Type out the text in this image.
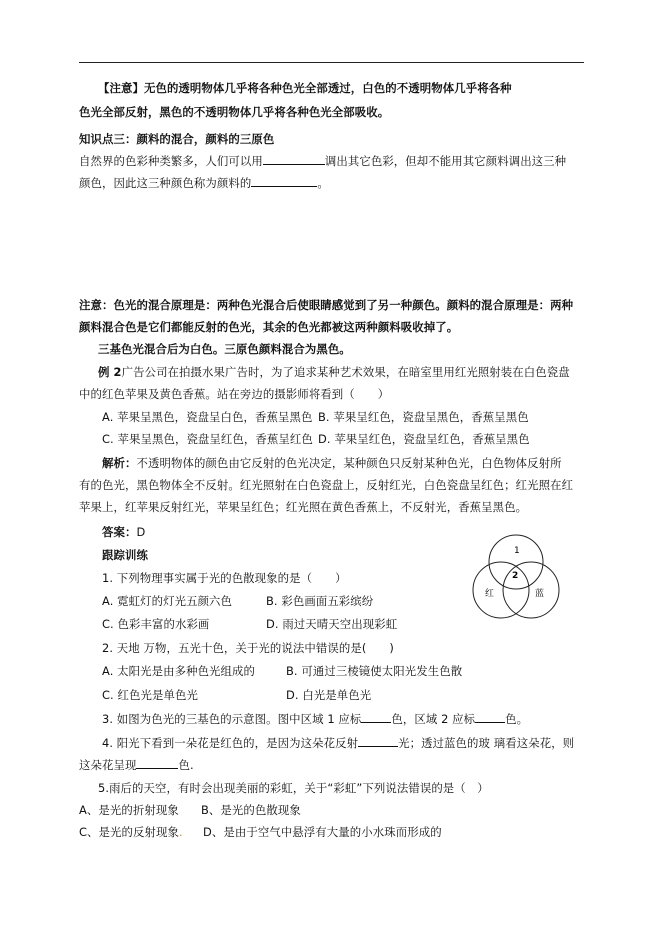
【注意】无色的透明物体几乎将各种色光全部透过，白色的不透明物体几乎将各种
色光全部反射，黑色的不透明物体几乎将各种色光全部吸收。
知识点三：颜料的混合，颜料的三原色
自然界的色彩种类繁多，人们可以用	调出其它色彩，但却不能用其它颜料调出这三种
颜色，因此这三种颜色称为颜料的	。
注意：色光的混合原理是：两种色光混合后使眼睛感觉到了另一种颜色。颜料的混合原理是：两种
颜料混合色是它们都能反射的色光，其余的色光都被这两种颜料吸收掉了。
三基色光混合后为白色。三原色颜料混合为黑色。
例 2广告公司在拍摄水果广告时，为了追求某种艺术效果，在暗室里用红光照射装在白色瓷盘
中的红色苹果及黄色香蕉。站在旁边的摄影师将看到（　　）
A. 苹果呈黑色，瓷盘呈白色，香蕉呈黑色 B. 苹果呈红色，瓷盘呈黑色，香蕉呈黑色
C. 苹果呈黑色，瓷盘呈红色，香蕉呈红色 D. 苹果呈红色，瓷盘呈红色，香蕉呈黑色
解析：不透明物体的颜色由它反射的色光决定，某种颜色只反射某种色光，白色物体反射所
有的色光，黑色物体全不反射。红光照射在白色瓷盘上，反射红光，白色瓷盘呈红色；红光照在红
苹果上，红苹果反射红光，苹果呈红色；红光照在黄色香蕉上，不反射光，香蕉呈黑色。
答案：D
跟踪训练
1. 下列物理事实属于光的色散现象的是（　　）
A. 霓虹灯的灯光五颜六色	B. 彩色画面五彩缤纷
C. 色彩丰富的水彩画	D. 雨过天晴天空出现彩虹
2. 天地 万物，五光十色，关于光的说法中错误的是(　　)
A. 太阳光是由多种色光组成的	B. 可通过三棱镜使太阳光发生色散
C. 红色光是单色光	D. 白光是单色光
3. 如图为色光的三基色的示意图。图中区域 1 应标	色，区域 2 应标	色。
4. 阳光下看到一朵花是红色的，是因为这朵花反射	光；透过蓝色的玻 璃看这朵花，则
这朵花呈现	色.
5.雨后的天空，有时会出现美丽的彩虹，关于“彩虹”下列说法错误的是（　）
A、是光的折射现象 B、是光的色散现象
C、是光的反射现象. D、是由于空气中悬浮有大量的小水珠而形成的
1
2
红	蓝
